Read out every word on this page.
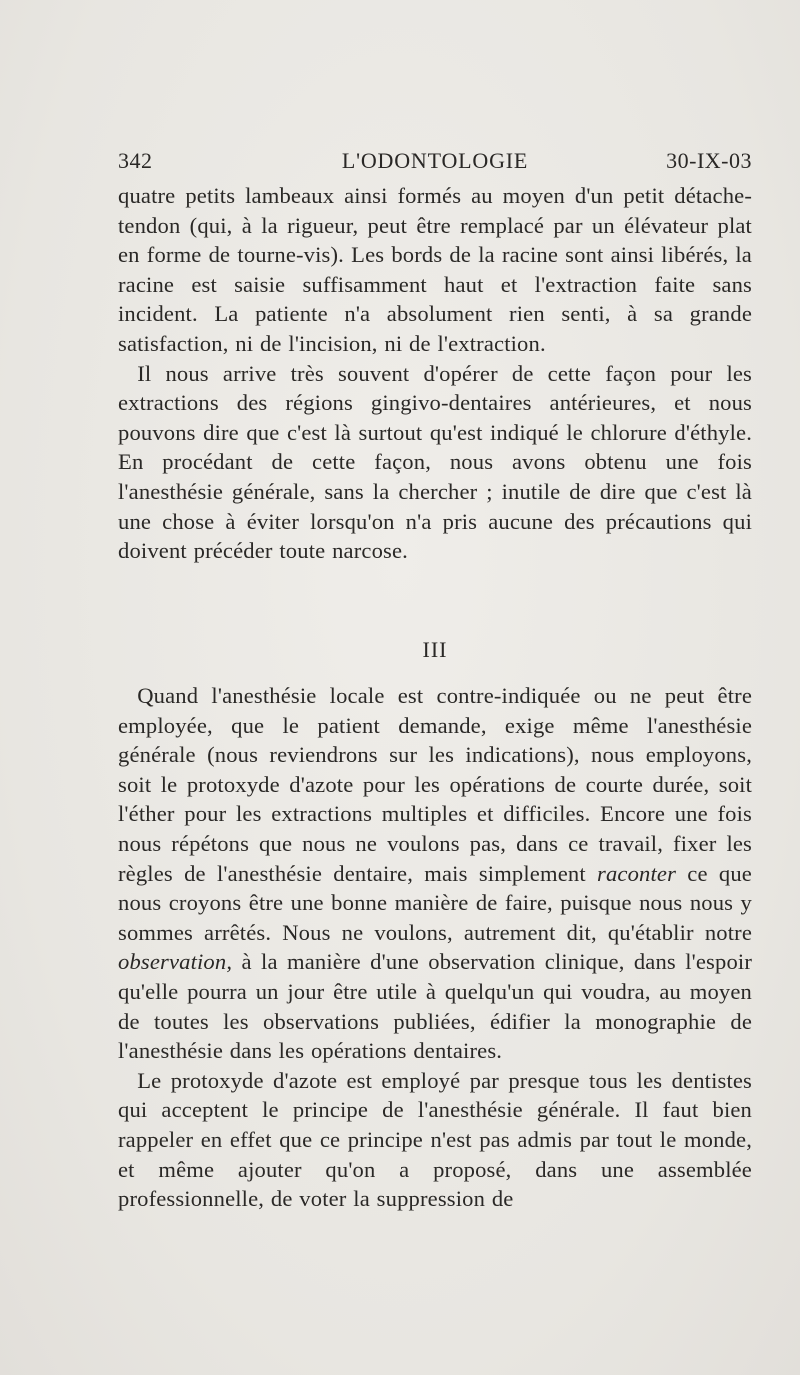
342	L'ODONTOLOGIE	30-IX-03

quatre petits lambeaux ainsi formés au moyen d'un petit détache-tendon (qui, à la rigueur, peut être remplacé par un élévateur plat en forme de tourne-vis). Les bords de la racine sont ainsi libérés, la racine est saisie suffisamment haut et l'extraction faite sans incident. La patiente n'a absolument rien senti, à sa grande satisfaction, ni de l'incision, ni de l'extraction.

Il nous arrive très souvent d'opérer de cette façon pour les extractions des régions gingivo-dentaires antérieures, et nous pouvons dire que c'est là surtout qu'est indiqué le chlorure d'éthyle. En procédant de cette façon, nous avons obtenu une fois l'anesthésie générale, sans la chercher ; inutile de dire que c'est là une chose à éviter lorsqu'on n'a pris aucune des précautions qui doivent précéder toute narcose.

III

Quand l'anesthésie locale est contre-indiquée ou ne peut être employée, que le patient demande, exige même l'anesthésie générale (nous reviendrons sur les indications), nous employons, soit le protoxyde d'azote pour les opérations de courte durée, soit l'éther pour les extractions multiples et difficiles. Encore une fois nous répétons que nous ne voulons pas, dans ce travail, fixer les règles de l'anesthésie dentaire, mais simplement raconter ce que nous croyons être une bonne manière de faire, puisque nous nous y sommes arrêtés. Nous ne voulons, autrement dit, qu'établir notre observation, à la manière d'une observation clinique, dans l'espoir qu'elle pourra un jour être utile à quelqu'un qui voudra, au moyen de toutes les observations publiées, édifier la monographie de l'anesthésie dans les opérations dentaires.

Le protoxyde d'azote est employé par presque tous les dentistes qui acceptent le principe de l'anesthésie générale. Il faut bien rappeler en effet que ce principe n'est pas admis par tout le monde, et même ajouter qu'on a proposé, dans une assemblée professionnelle, de voter la suppression de
